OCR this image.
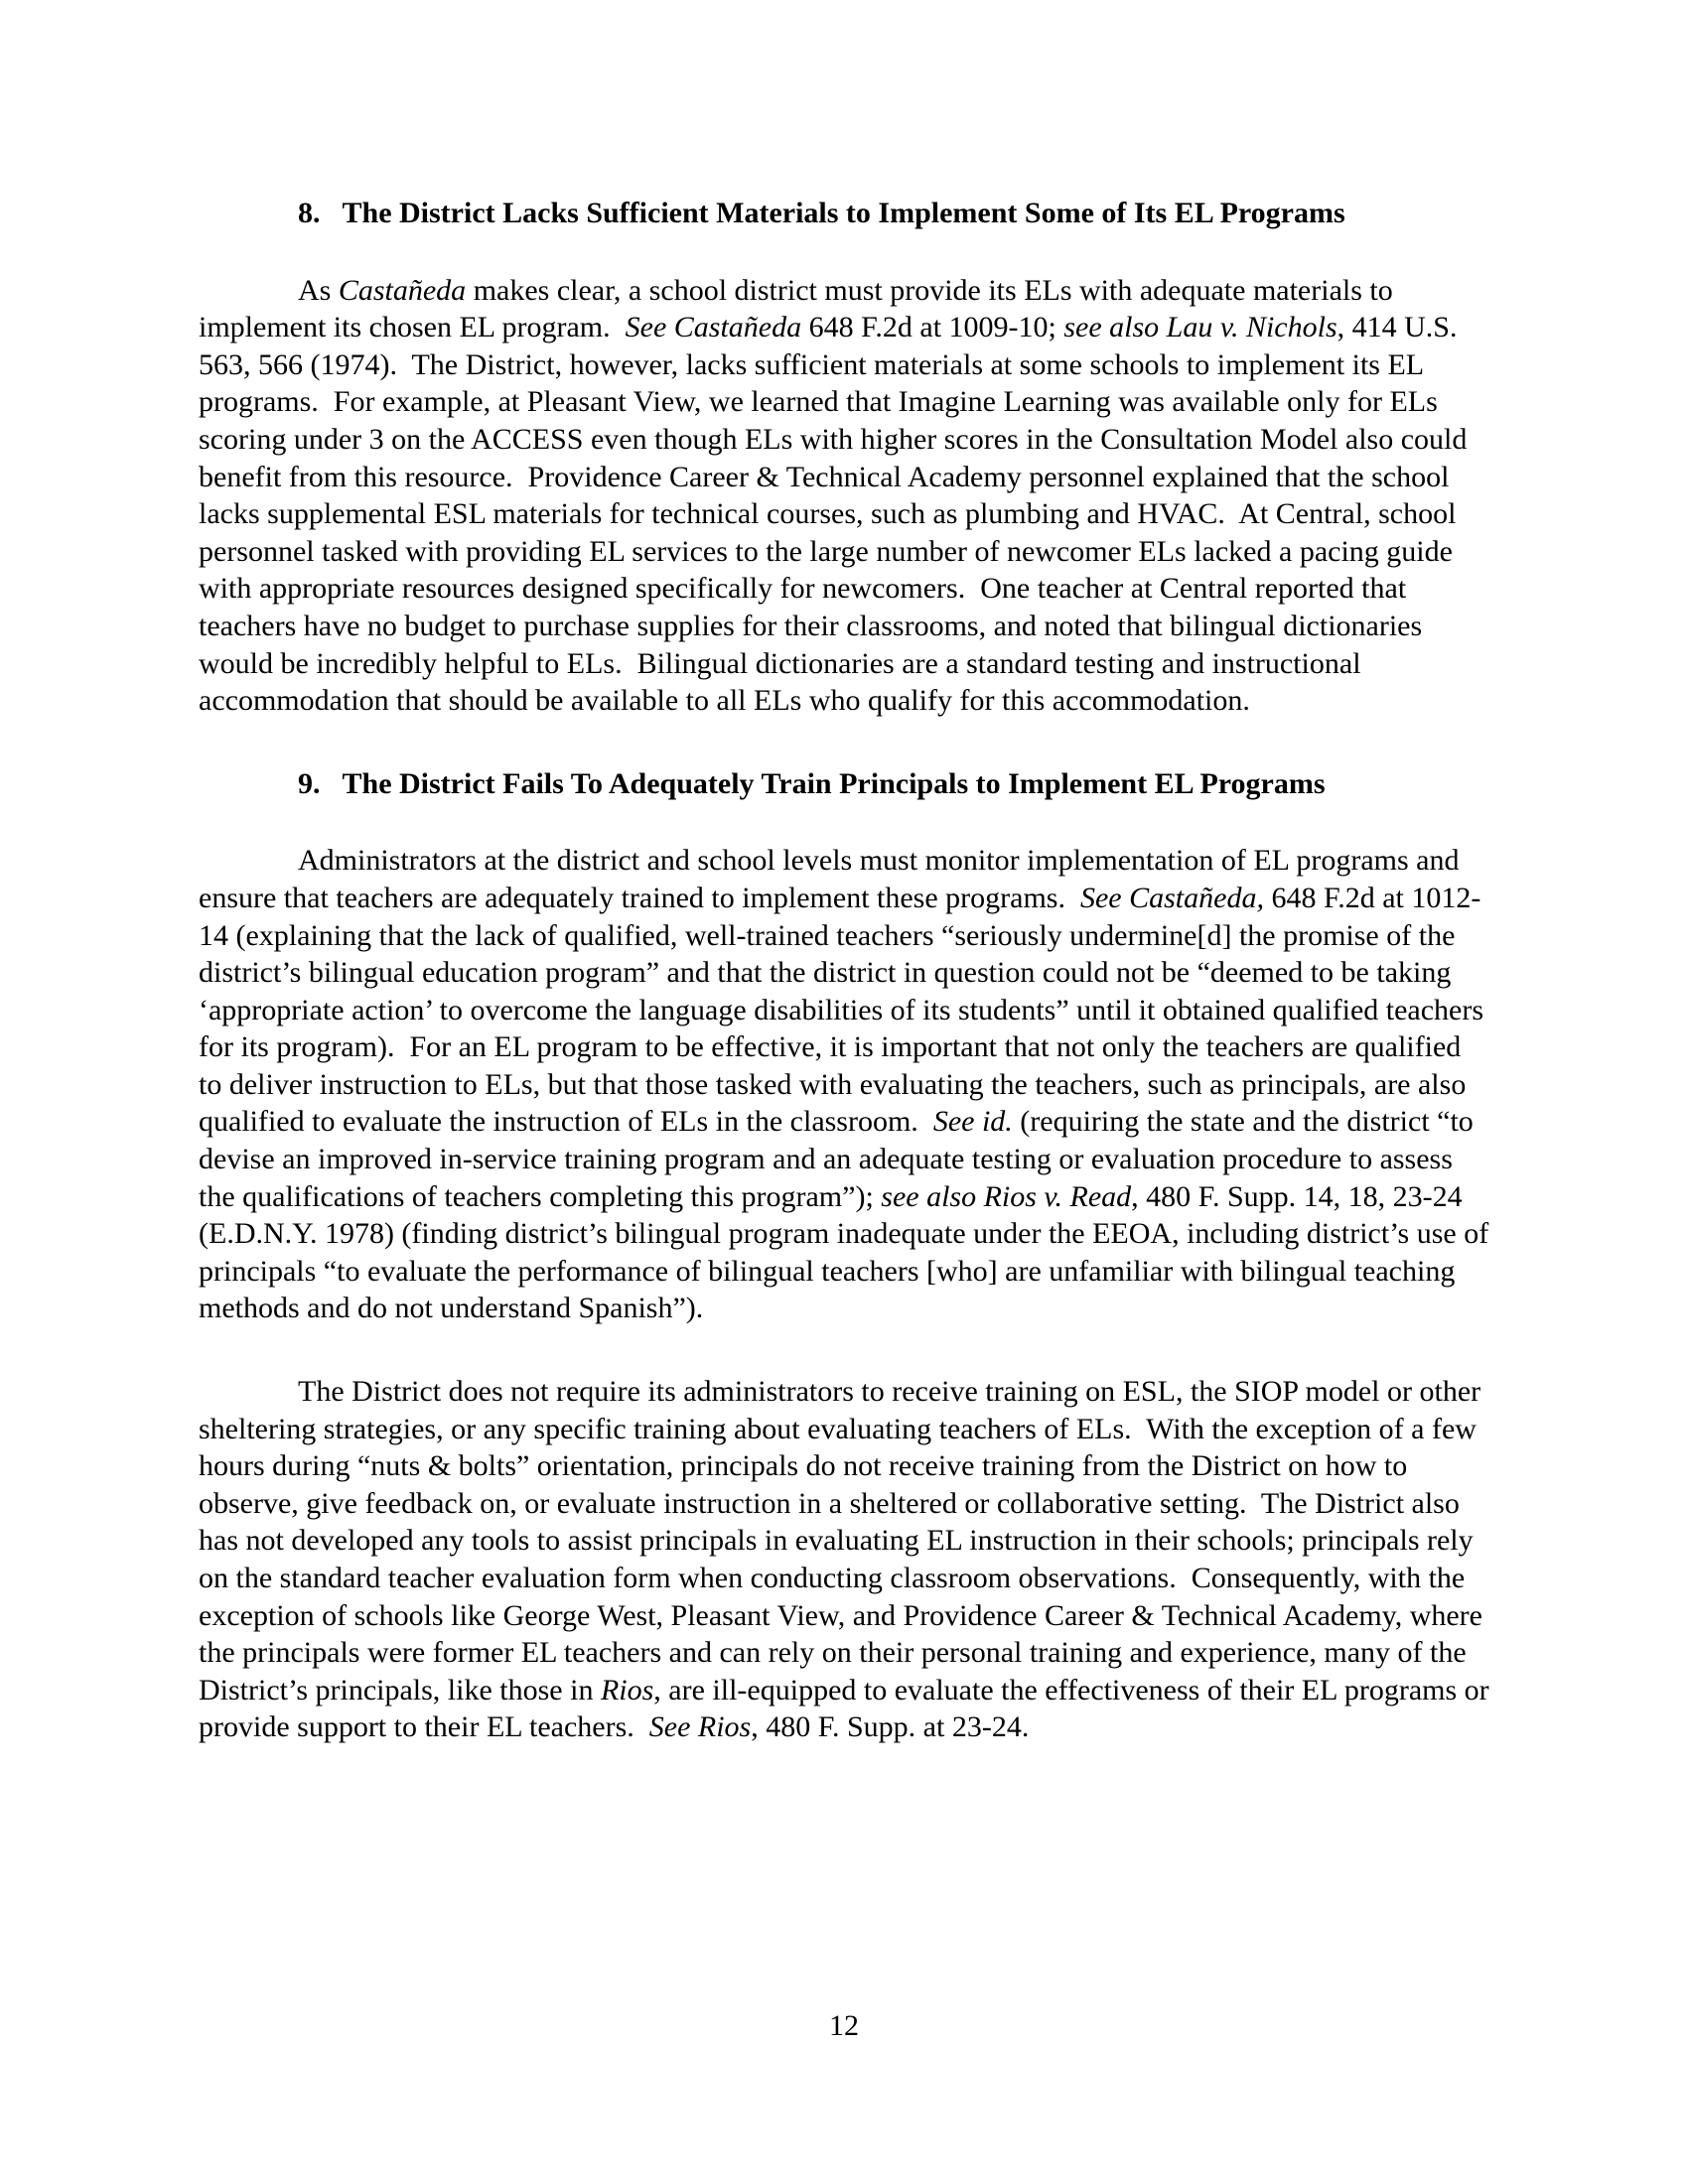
8. The District Lacks Sufficient Materials to Implement Some of Its EL Programs

As Castañeda makes clear, a school district must provide its ELs with adequate materials to implement its chosen EL program.  See Castañeda 648 F.2d at 1009-10; see also Lau v. Nichols, 414 U.S. 563, 566 (1974).  The District, however, lacks sufficient materials at some schools to implement its EL programs.  For example, at Pleasant View, we learned that Imagine Learning was available only for ELs scoring under 3 on the ACCESS even though ELs with higher scores in the Consultation Model also could benefit from this resource.  Providence Career & Technical Academy personnel explained that the school lacks supplemental ESL materials for technical courses, such as plumbing and HVAC.  At Central, school personnel tasked with providing EL services to the large number of newcomer ELs lacked a pacing guide with appropriate resources designed specifically for newcomers.  One teacher at Central reported that teachers have no budget to purchase supplies for their classrooms, and noted that bilingual dictionaries would be incredibly helpful to ELs.  Bilingual dictionaries are a standard testing and instructional accommodation that should be available to all ELs who qualify for this accommodation.

9. The District Fails To Adequately Train Principals to Implement EL Programs

Administrators at the district and school levels must monitor implementation of EL programs and ensure that teachers are adequately trained to implement these programs.  See Castañeda, 648 F.2d at 1012-14 (explaining that the lack of qualified, well-trained teachers “seriously undermine[d] the promise of the district’s bilingual education program” and that the district in question could not be “deemed to be taking ‘appropriate action’ to overcome the language disabilities of its students” until it obtained qualified teachers for its program).  For an EL program to be effective, it is important that not only the teachers are qualified to deliver instruction to ELs, but that those tasked with evaluating the teachers, such as principals, are also qualified to evaluate the instruction of ELs in the classroom.  See id. (requiring the state and the district “to devise an improved in-service training program and an adequate testing or evaluation procedure to assess the qualifications of teachers completing this program”); see also Rios v. Read, 480 F. Supp. 14, 18, 23-24 (E.D.N.Y. 1978) (finding district’s bilingual program inadequate under the EEOA, including district’s use of principals “to evaluate the performance of bilingual teachers [who] are unfamiliar with bilingual teaching methods and do not understand Spanish”).

The District does not require its administrators to receive training on ESL, the SIOP model or other sheltering strategies, or any specific training about evaluating teachers of ELs.  With the exception of a few hours during “nuts & bolts” orientation, principals do not receive training from the District on how to observe, give feedback on, or evaluate instruction in a sheltered or collaborative setting.  The District also has not developed any tools to assist principals in evaluating EL instruction in their schools; principals rely on the standard teacher evaluation form when conducting classroom observations.  Consequently, with the exception of schools like George West, Pleasant View, and Providence Career & Technical Academy, where the principals were former EL teachers and can rely on their personal training and experience, many of the District’s principals, like those in Rios, are ill-equipped to evaluate the effectiveness of their EL programs or provide support to their EL teachers.  See Rios, 480 F. Supp. at 23-24.

12
